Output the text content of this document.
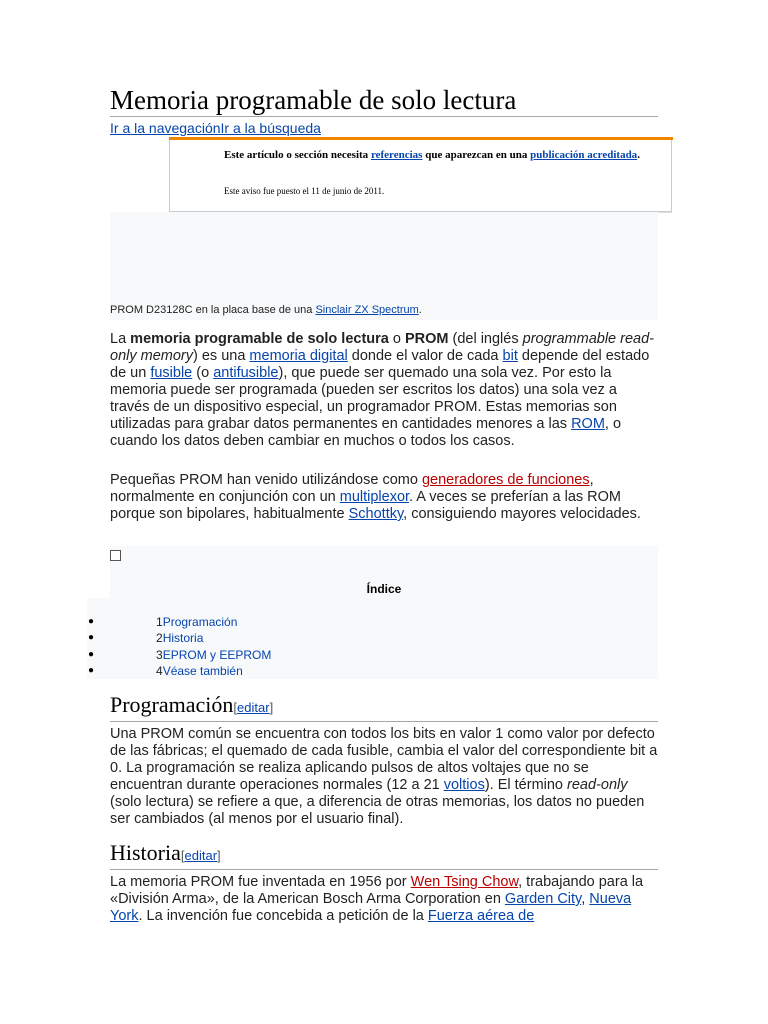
Memoria programable de solo lectura
Ir a la navegaciónIr a la búsqueda
Este artículo o sección necesita referencias que aparezcan en una publicación acreditada.
Este aviso fue puesto el 11 de junio de 2011.
PROM D23128C en la placa base de una Sinclair ZX Spectrum.
La memoria programable de solo lectura o PROM (del inglés programmable read-only memory) es una memoria digital donde el valor de cada bit depende del estado de un fusible (o antifusible), que puede ser quemado una sola vez. Por esto la memoria puede ser programada (pueden ser escritos los datos) una sola vez a través de un dispositivo especial, un programador PROM. Estas memorias son utilizadas para grabar datos permanentes en cantidades menores a las ROM, o cuando los datos deben cambiar en muchos o todos los casos.
Pequeñas PROM han venido utilizándose como generadores de funciones, normalmente en conjunción con un multiplexor. A veces se preferían a las ROM porque son bipolares, habitualmente Schottky, consiguiendo mayores velocidades.
Índice
1Programación
2Historia
3EPROM y EEPROM
4Véase también
●
●
●
●
Programación[editar]
Una PROM común se encuentra con todos los bits en valor 1 como valor por defecto de las fábricas; el quemado de cada fusible, cambia el valor del correspondiente bit a 0. La programación se realiza aplicando pulsos de altos voltajes que no se encuentran durante operaciones normales (12 a 21 voltios). El término read-only (solo lectura) se refiere a que, a diferencia de otras memorias, los datos no pueden ser cambiados (al menos por el usuario final).
Historia[editar]
La memoria PROM fue inventada en 1956 por Wen Tsing Chow, trabajando para la «División Arma», de la American Bosch Arma Corporation en Garden City, Nueva York. La invención fue concebida a petición de la Fuerza aérea de
